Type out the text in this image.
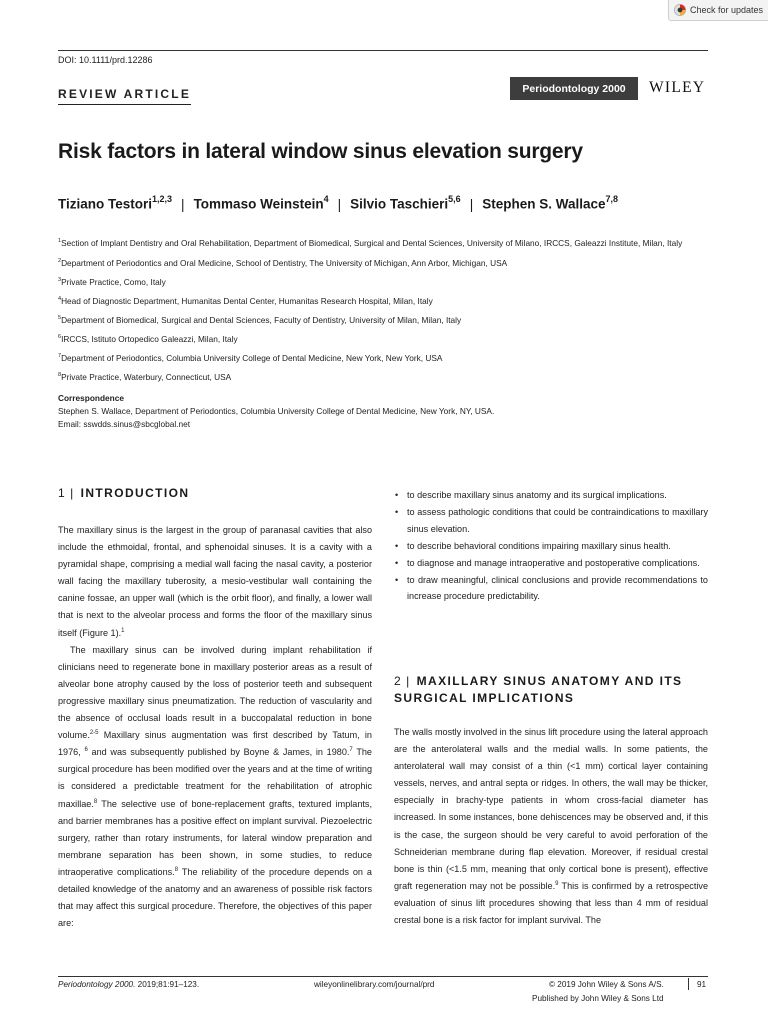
Check for updates
DOI: 10.1111/prd.12286
REVIEW ARTICLE	Periodontology 2000	WILEY
Risk factors in lateral window sinus elevation surgery
Tiziano Testori$^{1,2,3}$ | Tommaso Weinstein$^4$ | Silvio Taschieri$^{5,6}$ | Stephen S. Wallace$^{7,8}$

$^1$Section of Implant Dentistry and Oral Rehabilitation, Department of Biomedical, Surgical and Dental Sciences, University of Milano, IRCCS, Galeazzi Institute, Milan, Italy

$^2$Department of Periodontics and Oral Medicine, School of Dentistry, The University of Michigan, Ann Arbor, Michigan, USA

$^3$Private Practice, Como, Italy

$^4$Head of Diagnostic Department, Humanitas Dental Center, Humanitas Research Hospital, Milan, Italy

$^5$Department of Biomedical, Surgical and Dental Sciences, Faculty of Dentistry, University of Milan, Milan, Italy

$^6$IRCCS, Istituto Ortopedico Galeazzi, Milan, Italy

$^7$Department of Periodontics, Columbia University College of Dental Medicine, New York, New York, USA

$^8$Private Practice, Waterbury, Connecticut, USA

Correspondence
Stephen S. Wallace, Department of Periodontics, Columbia University College of Dental Medicine, New York, NY, USA.
Email: sswdds.sinus@sbcglobal.net
1 | INTRODUCTION

The maxillary sinus is the largest in the group of paranasal cavities that also include the ethmoidal, frontal, and sphenoidal sinuses. It is a cavity with a pyramidal shape, comprising a medial wall facing the nasal cavity, a posterior wall facing the maxillary tuberosity, a mesio-vestibular wall containing the canine fossae, an upper wall (which is the orbit floor), and finally, a lower wall that is next to the alveolar process and forms the floor of the maxillary sinus itself (Figure 1).$^1$

The maxillary sinus can be involved during implant rehabilitation if clinicians need to regenerate bone in maxillary posterior areas as a result of alveolar bone atrophy caused by the loss of posterior teeth and subsequent progressive maxillary sinus pneumatization. The reduction of vascularity and the absence of occlusal loads result in a buccopalatal reduction in bone volume.$^{2-5}$ Maxillary sinus augmentation was first described by Tatum, in 1976, $^6$ and was subsequently published by Boyne & James, in 1980.$^7$ The surgical procedure has been modified over the years and at the time of writing is considered a predictable treatment for the rehabilitation of atrophic maxillae.$^8$ The selective use of bone-replacement grafts, textured implants, and barrier membranes has a positive effect on implant survival. Piezoelectric surgery, rather than rotary instruments, for lateral window preparation and membrane separation has been shown, in some studies, to reduce intraoperative complications.$^8$ The reliability of the procedure depends on a detailed knowledge of the anatomy and an awareness of possible risk factors that may affect this surgical procedure. Therefore, the objectives of this paper are:

• to describe maxillary sinus anatomy and its surgical implications.
• to assess pathologic conditions that could be contraindications to maxillary sinus elevation.
• to describe behavioral conditions impairing maxillary sinus health.
• to diagnose and manage intraoperative and postoperative complications.
• to draw meaningful, clinical conclusions and provide recommendations to increase procedure predictability.
2 | MAXILLARY SINUS ANATOMY AND ITS SURGICAL IMPLICATIONS

The walls mostly involved in the sinus lift procedure using the lateral approach are the anterolateral walls and the medial walls. In some patients, the anterolateral wall may consist of a thin (<1 mm) cortical layer containing vessels, nerves, and antral septa or ridges. In others, the wall may be thicker, especially in brachy-type patients in whom cross-facial diameter has increased. In some instances, bone dehiscences may be observed and, if this is the case, the surgeon should be very careful to avoid perforation of the Schneiderian membrane during flap elevation. Moreover, if residual crestal bone is thin (<1.5 mm, meaning that only cortical bone is present), effective graft regeneration may not be possible.$^9$ This is confirmed by a retrospective evaluation of sinus lift procedures showing that less than 4 mm of residual crestal bone is a risk factor for implant survival. The

Periodontology 2000. 2019;81:91–123.	wileyonlinelibrary.com/journal/prd	© 2019 John Wiley & Sons A/S.
Published by John Wiley & Sons Ltd
91
